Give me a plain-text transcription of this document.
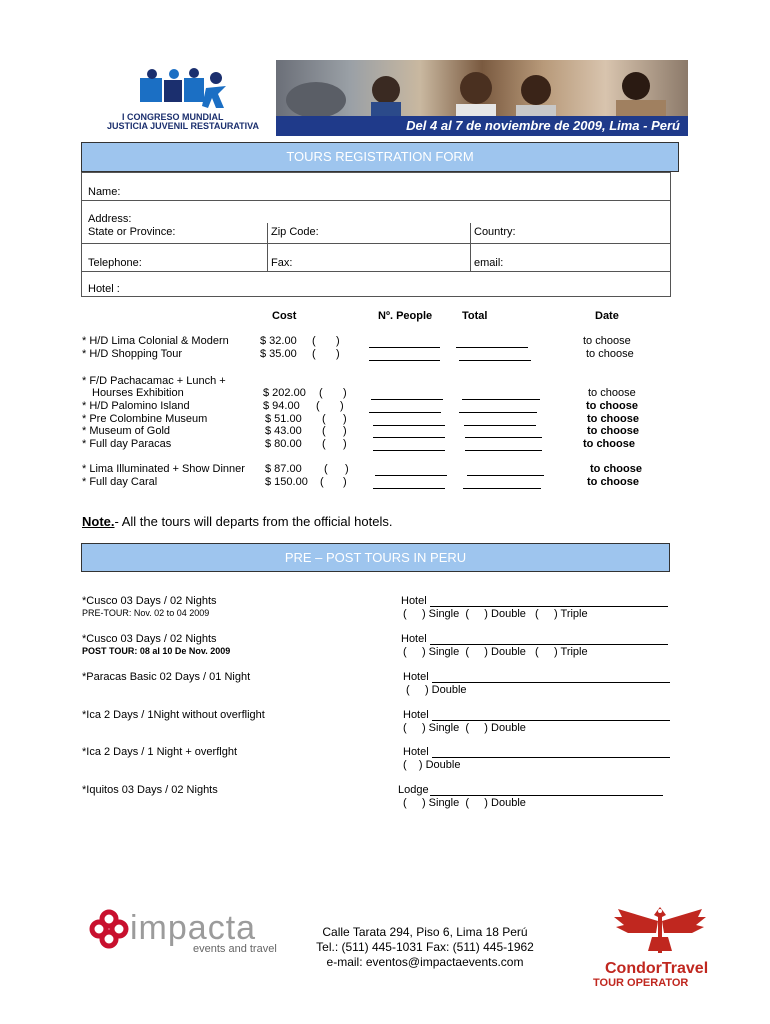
I CONGRESO MUNDIAL
JUSTICIA JUVENIL RESTAURATIVA	Del 4 al 7 de noviembre de 2009, Lima - Perú
TOURS REGISTRATION FORM
Name:
Address:
State or Province:	Zip Code:	Country:
Telephone:	Fax:	email:
Hotel :
Cost	Nº. People	Total	Date
* H/D Lima Colonial & Modern	$ 32.00 ( )	to choose
* H/D Shopping Tour	$ 35.00 ( )	to choose
* F/D Pachacamac + Lunch +
Hourses Exhibition	$ 202.00 ( )	to choose
* H/D Palomino Island	$ 94.00 ( )	to choose
* Pre Colombine Museum	$ 51.00 ( )	to choose
* Museum of Gold	$ 43.00 ( )	to choose
* Full day Paracas	$ 80.00 ( )	to choose
* Lima Illuminated + Show Dinner $ 87.00 ( )	to choose
* Full day Caral	$ 150.00 ( )	to choose
Note.- All the tours will departs from the official hotels.
PRE – POST TOURS IN PERU
*Cusco 03 Days / 02 Nights
PRE-TOUR: Nov. 02 to 04 2009
Hotel
(     ) Single  (     ) Double   (     ) Triple
*Cusco 03 Days / 02 Nights
POST TOUR: 08 al 10 De Nov. 2009
Hotel
(     ) Single  (     ) Double   (     ) Triple
*Paracas Basic 02 Days / 01 Night	Hotel
(     ) Double
*Ica 2 Days / 1Night without overflight	Hotel
(     ) Single  (     ) Double
*Ica 2 Days / 1 Night + overflght	Hotel
(    ) Double
*Iquitos 03 Days / 02 Nights	Lodge
(     ) Single  (     ) Double
impacta
events and travel
Calle Tarata 294, Piso 6, Lima 18 Perú
Tel.: (511) 445-1031 Fax: (511) 445-1962
e-mail: eventos@impactaevents.com	CondorTravel
TOUR OPERATOR
